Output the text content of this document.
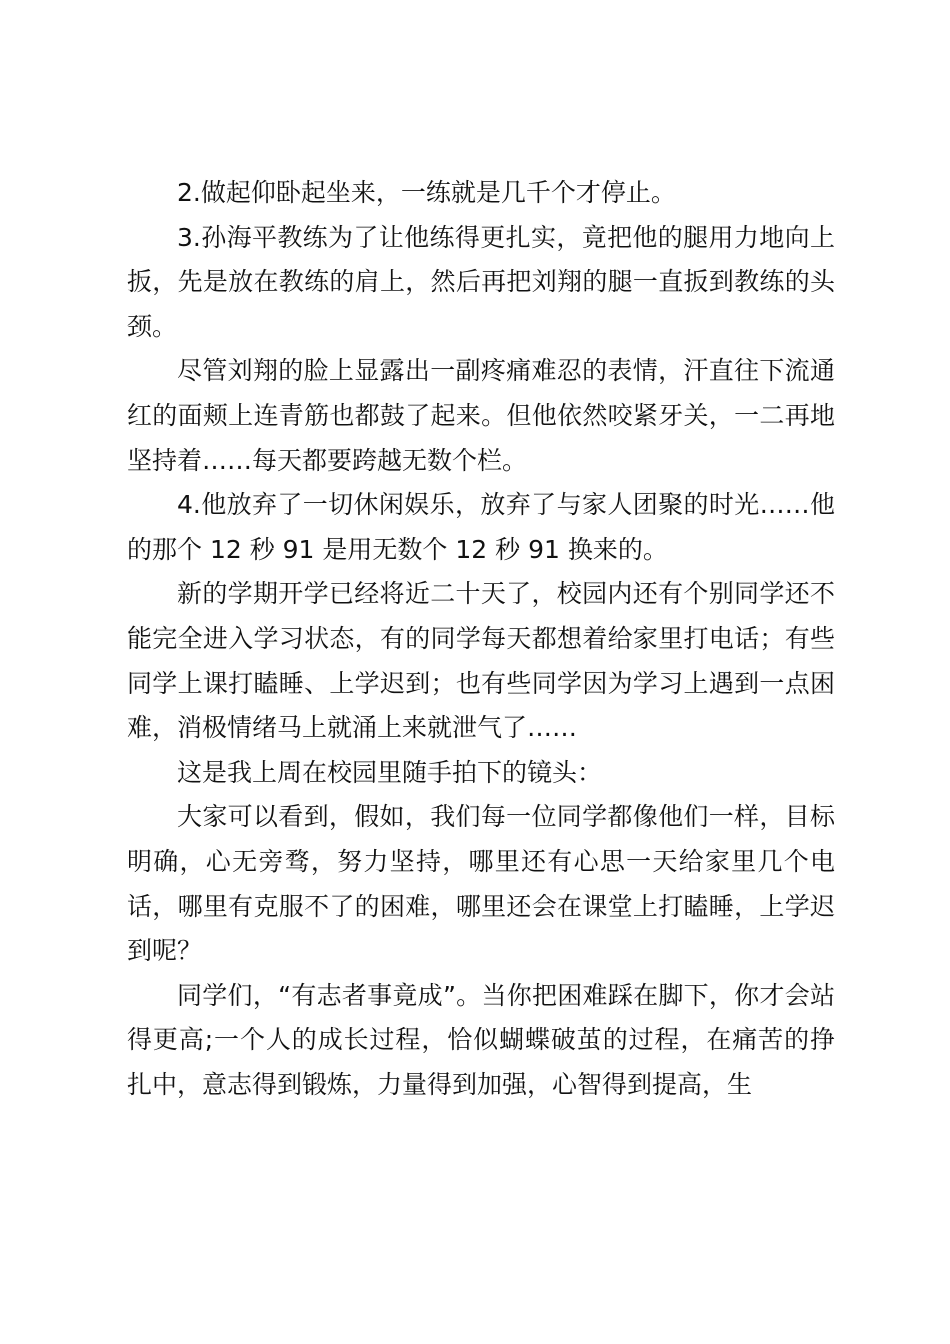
2.做起仰卧起坐来，一练就是几千个才停止。

3.孙海平教练为了让他练得更扎实，竟把他的腿用力地向上扳，先是放在教练的肩上，然后再把刘翔的腿一直扳到教练的头颈。

尽管刘翔的脸上显露出一副疼痛难忍的表情，汗直往下流通红的面颊上连青筋也都鼓了起来。但他依然咬紧牙关，一二再地坚持着……每天都要跨越无数个栏。

4.他放弃了一切休闲娱乐，放弃了与家人团聚的时光……他的那个 12 秒 91 是用无数个 12 秒 91 换来的。

新的学期开学已经将近二十天了，校园内还有个别同学还不能完全进入学习状态，有的同学每天都想着给家里打电话；有些同学上课打瞌睡、上学迟到；也有些同学因为学习上遇到一点困难，消极情绪马上就涌上来就泄气了……

这是我上周在校园里随手拍下的镜头：

大家可以看到，假如，我们每一位同学都像他们一样，目标明确，心无旁骛，努力坚持，哪里还有心思一天给家里几个电话，哪里有克服不了的困难，哪里还会在课堂上打瞌睡，上学迟到呢？

同学们，“有志者事竟成”。当你把困难踩在脚下，你才会站得更高;一个人的成长过程，恰似蝴蝶破茧的过程，在痛苦的挣扎中，意志得到锻炼，力量得到加强，心智得到提高，生
